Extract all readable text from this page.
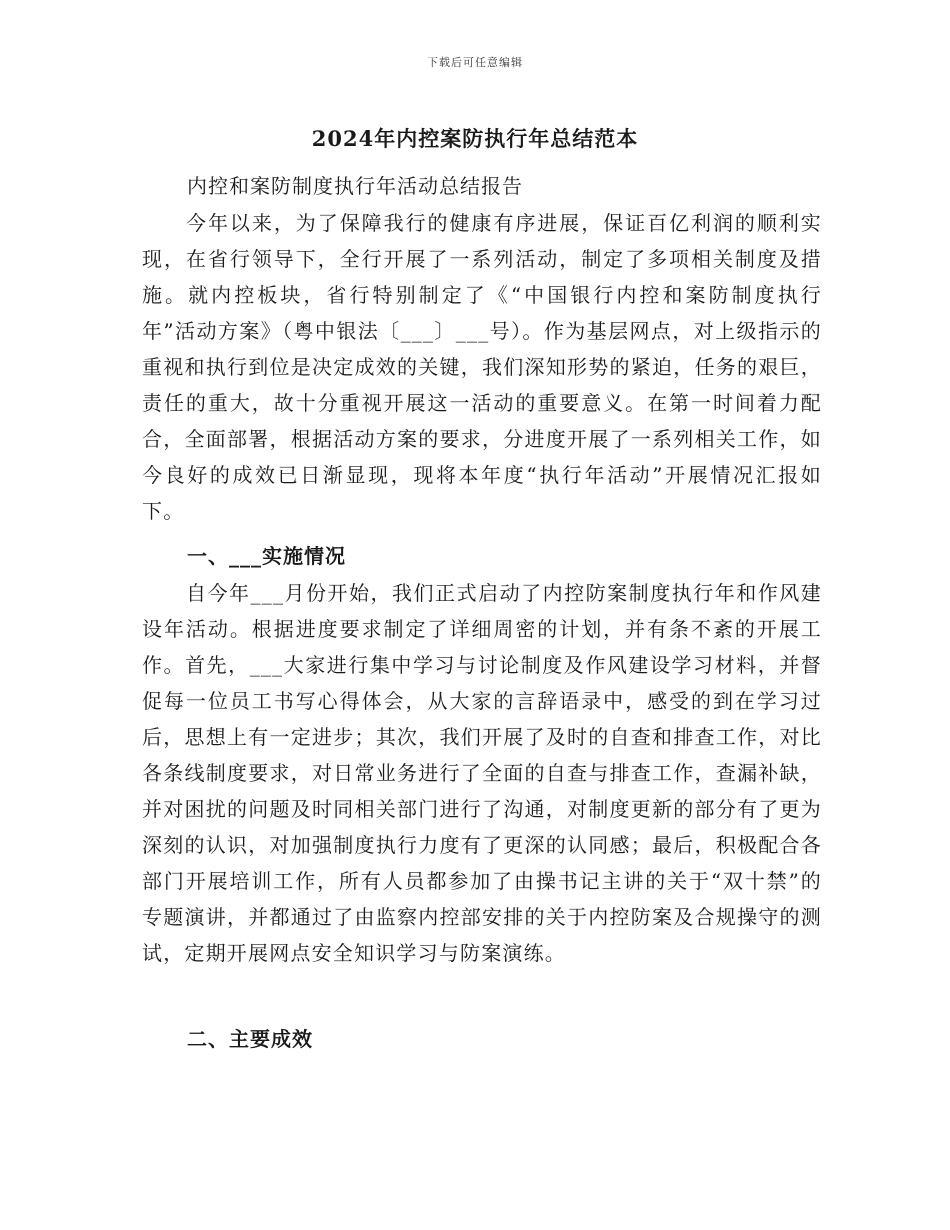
下载后可任意编辑
2024年内控案防执行年总结范本
内控和案防制度执行年活动总结报告

今年以来，为了保障我行的健康有序进展，保证百亿利润的顺利实现，在省行领导下，全行开展了一系列活动，制定了多项相关制度及措施。就内控板块，省行特别制定了《“中国银行内控和案防制度执行年”活动方案》（粤中银法〔___〕___号）。作为基层网点，对上级指示的重视和执行到位是决定成效的关键，我们深知形势的紧迫，任务的艰巨，责任的重大，故十分重视开展这一活动的重要意义。在第一时间着力配合，全面部署，根据活动方案的要求，分进度开展了一系列相关工作，如今良好的成效已日渐显现，现将本年度“执行年活动”开展情况汇报如下。

一、___实施情况

自今年___月份开始，我们正式启动了内控防案制度执行年和作风建设年活动。根据进度要求制定了详细周密的计划，并有条不紊的开展工作。首先，___大家进行集中学习与讨论制度及作风建设学习材料，并督促每一位员工书写心得体会，从大家的言辞语录中，感受的到在学习过后，思想上有一定进步；其次，我们开展了及时的自查和排查工作，对比各条线制度要求，对日常业务进行了全面的自查与排查工作，查漏补缺，并对困扰的问题及时同相关部门进行了沟通，对制度更新的部分有了更为深刻的认识，对加强制度执行力度有了更深的认同感；最后，积极配合各部门开展培训工作，所有人员都参加了由操书记主讲的关于“双十禁”的专题演讲，并都通过了由监察内控部安排的关于内控防案及合规操守的测试，定期开展网点安全知识学习与防案演练。

二、主要成效
